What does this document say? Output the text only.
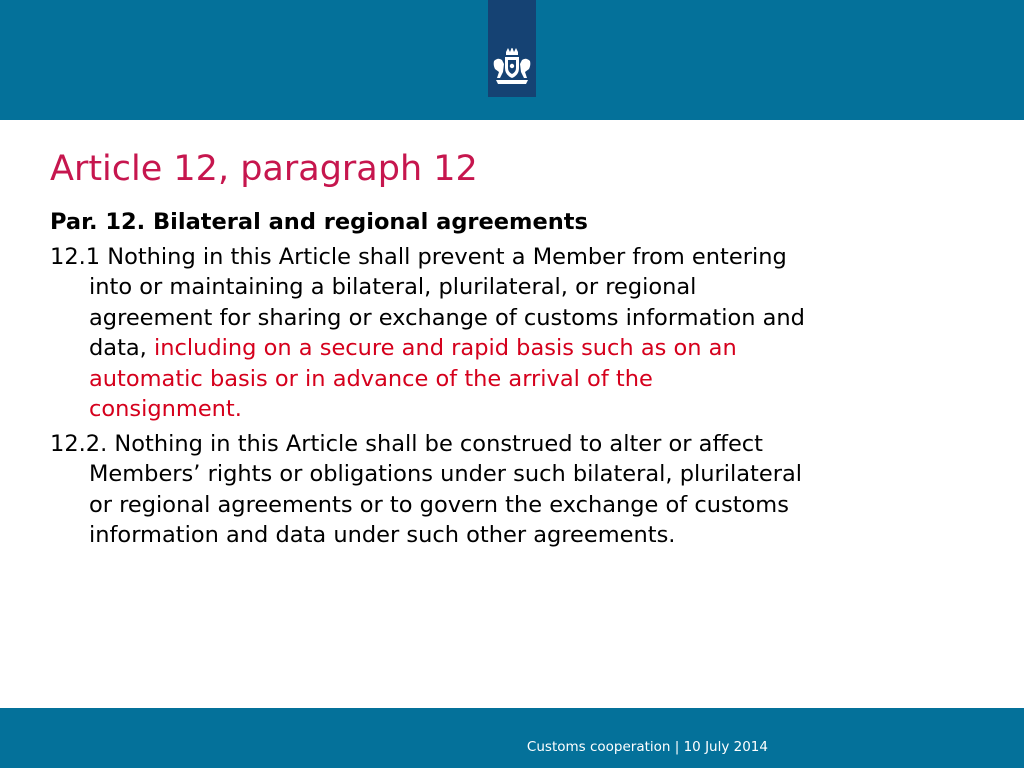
Article 12, paragraph 12

Par. 12. Bilateral and regional agreements

12.1 Nothing in this Article shall prevent a Member from entering into or maintaining a bilateral, plurilateral, or regional agreement for sharing or exchange of customs information and data, including on a secure and rapid basis such as on an automatic basis or in advance of the arrival of the consignment.

12.2. Nothing in this Article shall be construed to alter or affect Members’ rights or obligations under such bilateral, plurilateral or regional agreements or to govern the exchange of customs information and data under such other agreements.

Customs cooperation | 10 July 2014
